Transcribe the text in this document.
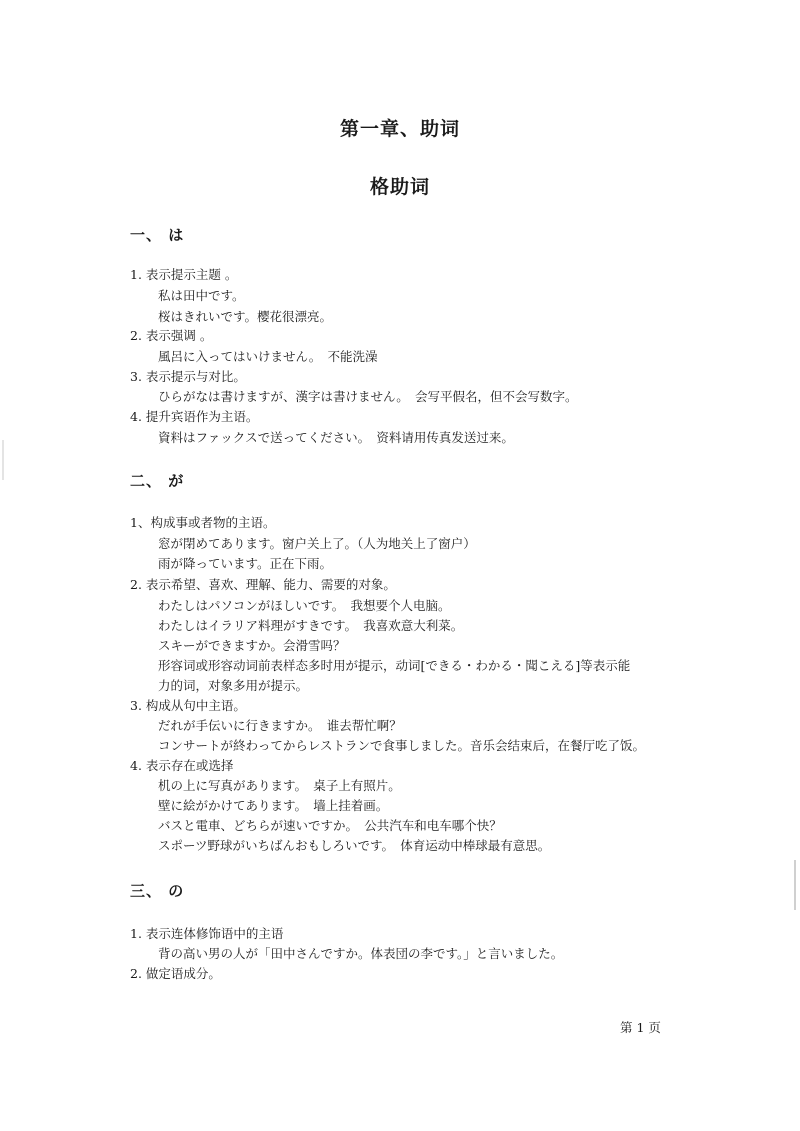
第一章、助词
格助词
一、 は
1. 表示提示主题 。
私は田中です。
桜はきれいです。樱花很漂亮。
2. 表示强调 。
風呂に入ってはいけません。　不能洗澡
3. 表示提示与对比。
ひらがなは書けますが、漢字は書けません。　会写平假名，但不会写数字。
4. 提升宾语作为主语。
資料はファックスで送ってください。　资料请用传真发送过来。
二、 が
1、构成事或者物的主语。
窓が閉めてあります。窗户关上了。（人为地关上了窗户）
雨が降っています。正在下雨。
2. 表示希望、喜欢、理解、能力、需要的对象。
わたしはパソコンがほしいです。　我想要个人电脑。
わたしはイラリア料理がすきです。　我喜欢意大利菜。
スキーができますか。会滑雪吗？
形容词或形容动词前表样态多时用が提示，动词[できる・わかる・聞こえる]等表示能
力的词，对象多用が提示。
3. 构成从句中主语。
だれが手伝いに行きますか。　谁去帮忙啊？
コンサートが終わってからレストランで食事しました。音乐会结束后，在餐厅吃了饭。
4. 表示存在或选择
机の上に写真があります。　桌子上有照片。
壁に絵がかけてあります。　墙上挂着画。
バスと電車、どちらが速いですか。　公共汽车和电车哪个快？
スポーツ野球がいちばんおもしろいです。　体育运动中棒球最有意思。
三、 の
1. 表示连体修饰语中的主语
背の高い男の人が「田中さんですか。体表団の李です。」と言いました。
2. 做定语成分。
第 1 页
